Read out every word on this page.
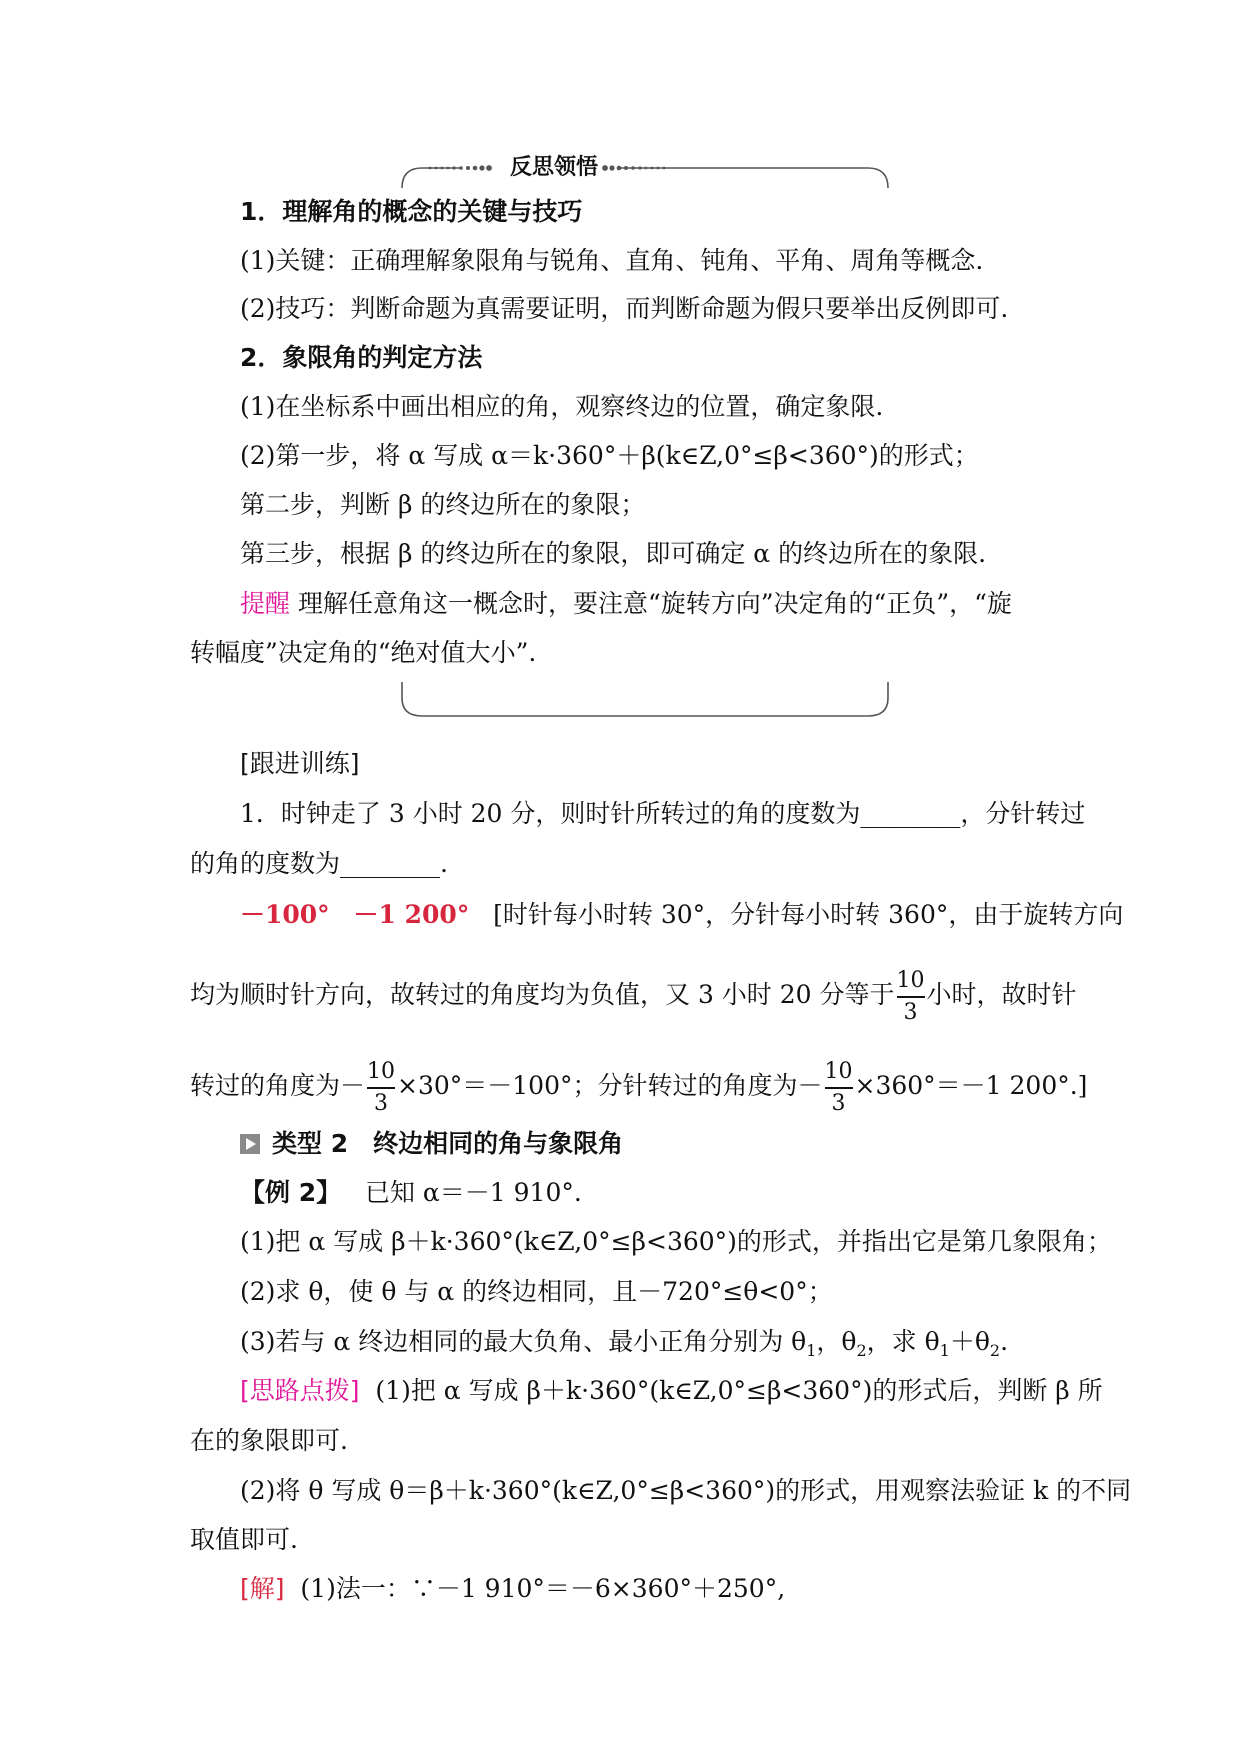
反思领悟
1．理解角的概念的关键与技巧
(1)关键：正确理解象限角与锐角、直角、钝角、平角、周角等概念.
(2)技巧：判断命题为真需要证明，而判断命题为假只要举出反例即可.
2．象限角的判定方法
(1)在坐标系中画出相应的角，观察终边的位置，确定象限.
(2)第一步，将 α 写成 α＝k·360°＋β(k∈Z,0°≤β<360°)的形式；
第二步，判断 β 的终边所在的象限；
第三步，根据 β 的终边所在的象限，即可确定 α 的终边所在的象限.
提醒 理解任意角这一概念时，要注意“旋转方向”决定角的“正负”，“旋
转幅度”决定角的“绝对值大小”.
[跟进训练]
1．时钟走了 3 小时 20 分，则时针所转过的角的度数为________，分针转过
的角的度数为________.
－100° －1 200° [时针每小时转 30°，分针每小时转 360°，由于旋转方向
均为顺时针方向，故转过的角度均为负值，又 3 小时 20 分等于 $\frac{10}{3}$ 小时，故时针
转过的角度为－ $\frac{10}{3} \times 30^\circ=-100^\circ$；分针转过的角度为－ $\frac{10}{3} \times 360^\circ=-1$ 200°.]
类型 2　终边相同的角与象限角
【例 2】 已知 α＝－1 910°.
(1)把 α 写成 β＋k·360°(k∈Z,0°≤β<360°)的形式，并指出它是第几象限角；
(2)求 θ，使 θ 与 α 的终边相同，且－720°≤θ<0°；
(3)若与 α 终边相同的最大负角、最小正角分别为 $\theta_1$，$\theta_2$，求 $\theta_1+\theta_2$.
[思路点拨] (1)把 α 写成 β＋k·360°(k∈Z,0°≤β<360°)的形式后，判断 β 所
在的象限即可.
(2)将 θ 写成 θ＝β＋k·360°(k∈Z,0°≤β<360°)的形式，用观察法验证 k 的不同
取值即可.
[解] (1)法一：∵－1 910°＝－6×360°＋250°,
